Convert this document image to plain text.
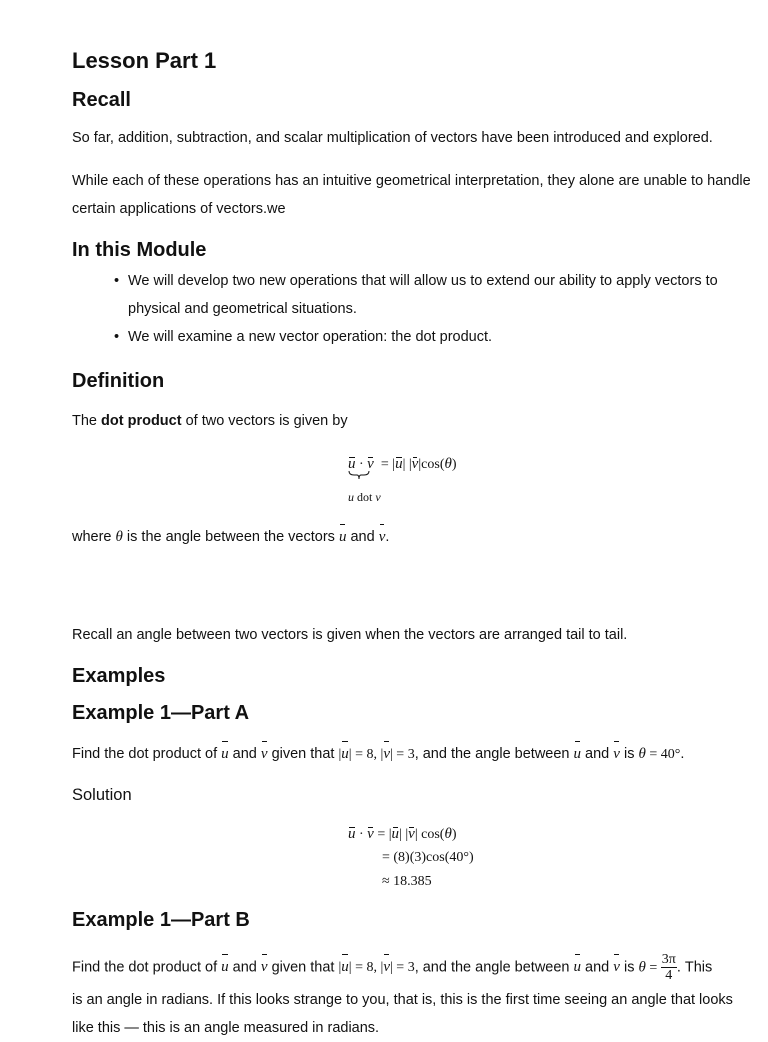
Lesson Part 1
Recall

So far, addition, subtraction, and scalar multiplication of vectors have been introduced and explored.

While each of these operations has an intuitive geometrical interpretation, they alone are unable to handle

certain applications of vectors.we

In this Module
• We will develop two new operations that will allow us to extend our ability to apply vectors to
physical and geometrical situations.
• We will examine a new vector operation: the dot product.
Definition

The dot product of two vectors is given by

u · v = |u| |v|cos(θ)
u dot v

where θ is the angle between the vectors u and v.

Recall an angle between two vectors is given when the vectors are arranged tail to tail.

Examples
Example 1—Part A

Find the dot product of u and v given that |u| = 8, |v| = 3, and the angle between u and v is θ = 40°.

Solution

u · v = |u| |v| cos(θ)
= (8)(3)cos(40°)
≈ 18.385
Example 1—Part B

Find the dot product of u and v given that |u| = 8, |v| = 3, and the angle between u and v is $\theta = \frac{3\pi}{4}$ . This

is an angle in radians. If this looks strange to you, that is, this is the first time seeing an angle that looks

like this — this is an angle measured in radians.
